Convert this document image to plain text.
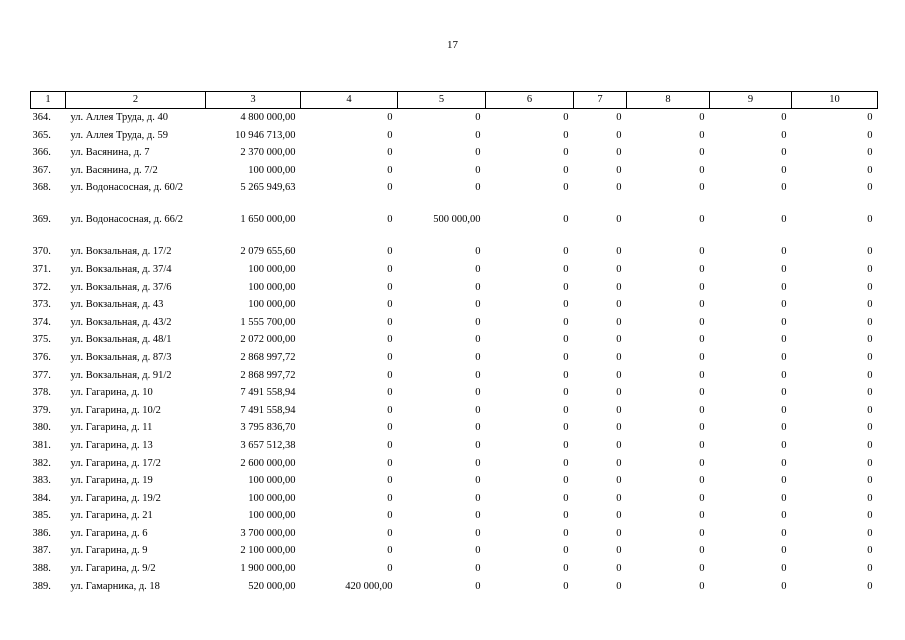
17
1	2	3	4	5	6	7	8	9	10
364.	ул. Аллея Труда, д. 40	4 800 000,00	0	0	0	0	0	0	0
365.	ул. Аллея Труда, д. 59	10 946 713,00	0	0	0	0	0	0	0
366.	ул. Васянина, д. 7	2 370 000,00	0	0	0	0	0	0	0
367.	ул. Васянина, д. 7/2	100 000,00	0	0	0	0	0	0	0
368.	ул. Водонасосная, д. 60/2	5 265 949,63	0	0	0	0	0	0	0
369.	ул. Водонасосная, д. 66/2	1 650 000,00	0	500 000,00	0	0	0	0	0
370.	ул. Вокзальная, д. 17/2	2 079 655,60	0	0	0	0	0	0	0
371.	ул. Вокзальная, д. 37/4	100 000,00	0	0	0	0	0	0	0
372.	ул. Вокзальная, д. 37/6	100 000,00	0	0	0	0	0	0	0
373.	ул. Вокзальная, д. 43	100 000,00	0	0	0	0	0	0	0
374.	ул. Вокзальная, д. 43/2	1 555 700,00	0	0	0	0	0	0	0
375.	ул. Вокзальная, д. 48/1	2 072 000,00	0	0	0	0	0	0	0
376.	ул. Вокзальная, д. 87/3	2 868 997,72	0	0	0	0	0	0	0
377.	ул. Вокзальная, д. 91/2	2 868 997,72	0	0	0	0	0	0	0
378.	ул. Гагарина, д. 10	7 491 558,94	0	0	0	0	0	0	0
379.	ул. Гагарина, д. 10/2	7 491 558,94	0	0	0	0	0	0	0
380.	ул. Гагарина, д. 11	3 795 836,70	0	0	0	0	0	0	0
381.	ул. Гагарина, д. 13	3 657 512,38	0	0	0	0	0	0	0
382.	ул. Гагарина, д. 17/2	2 600 000,00	0	0	0	0	0	0	0
383.	ул. Гагарина, д. 19	100 000,00	0	0	0	0	0	0	0
384.	ул. Гагарина, д. 19/2	100 000,00	0	0	0	0	0	0	0
385.	ул. Гагарина, д. 21	100 000,00	0	0	0	0	0	0	0
386.	ул. Гагарина, д. 6	3 700 000,00	0	0	0	0	0	0	0
387.	ул. Гагарина, д. 9	2 100 000,00	0	0	0	0	0	0	0
388.	ул. Гагарина, д. 9/2	1 900 000,00	0	0	0	0	0	0	0
389.	ул. Гамарника, д. 18	520 000,00	420 000,00	0	0	0	0	0	0
